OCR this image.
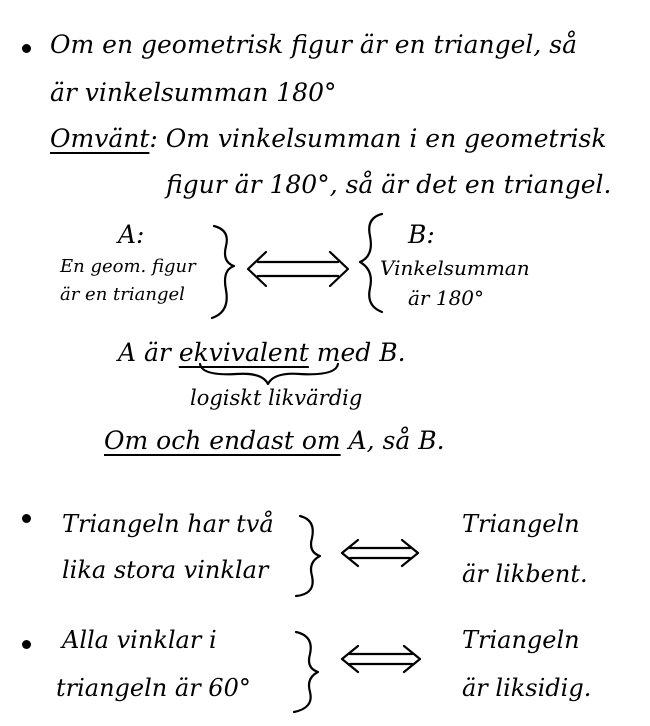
Om en geometrisk figur är en triangel, så
är vinkelsumman 180°
Omvänt: Om vinkelsumman i en geometrisk
figur är 180°, så är det en triangel.
A:
En geom. figur
är en triangel
B:
Vinkelsumman
är 180°
A är ekvivalent med B.
logiskt likvärdig
Om och endast om A, så B.
Triangeln har två
lika stora vinklar
Triangeln
är likbent.
Alla vinklar i
triangeln är 60°
Triangeln
är liksidig.
